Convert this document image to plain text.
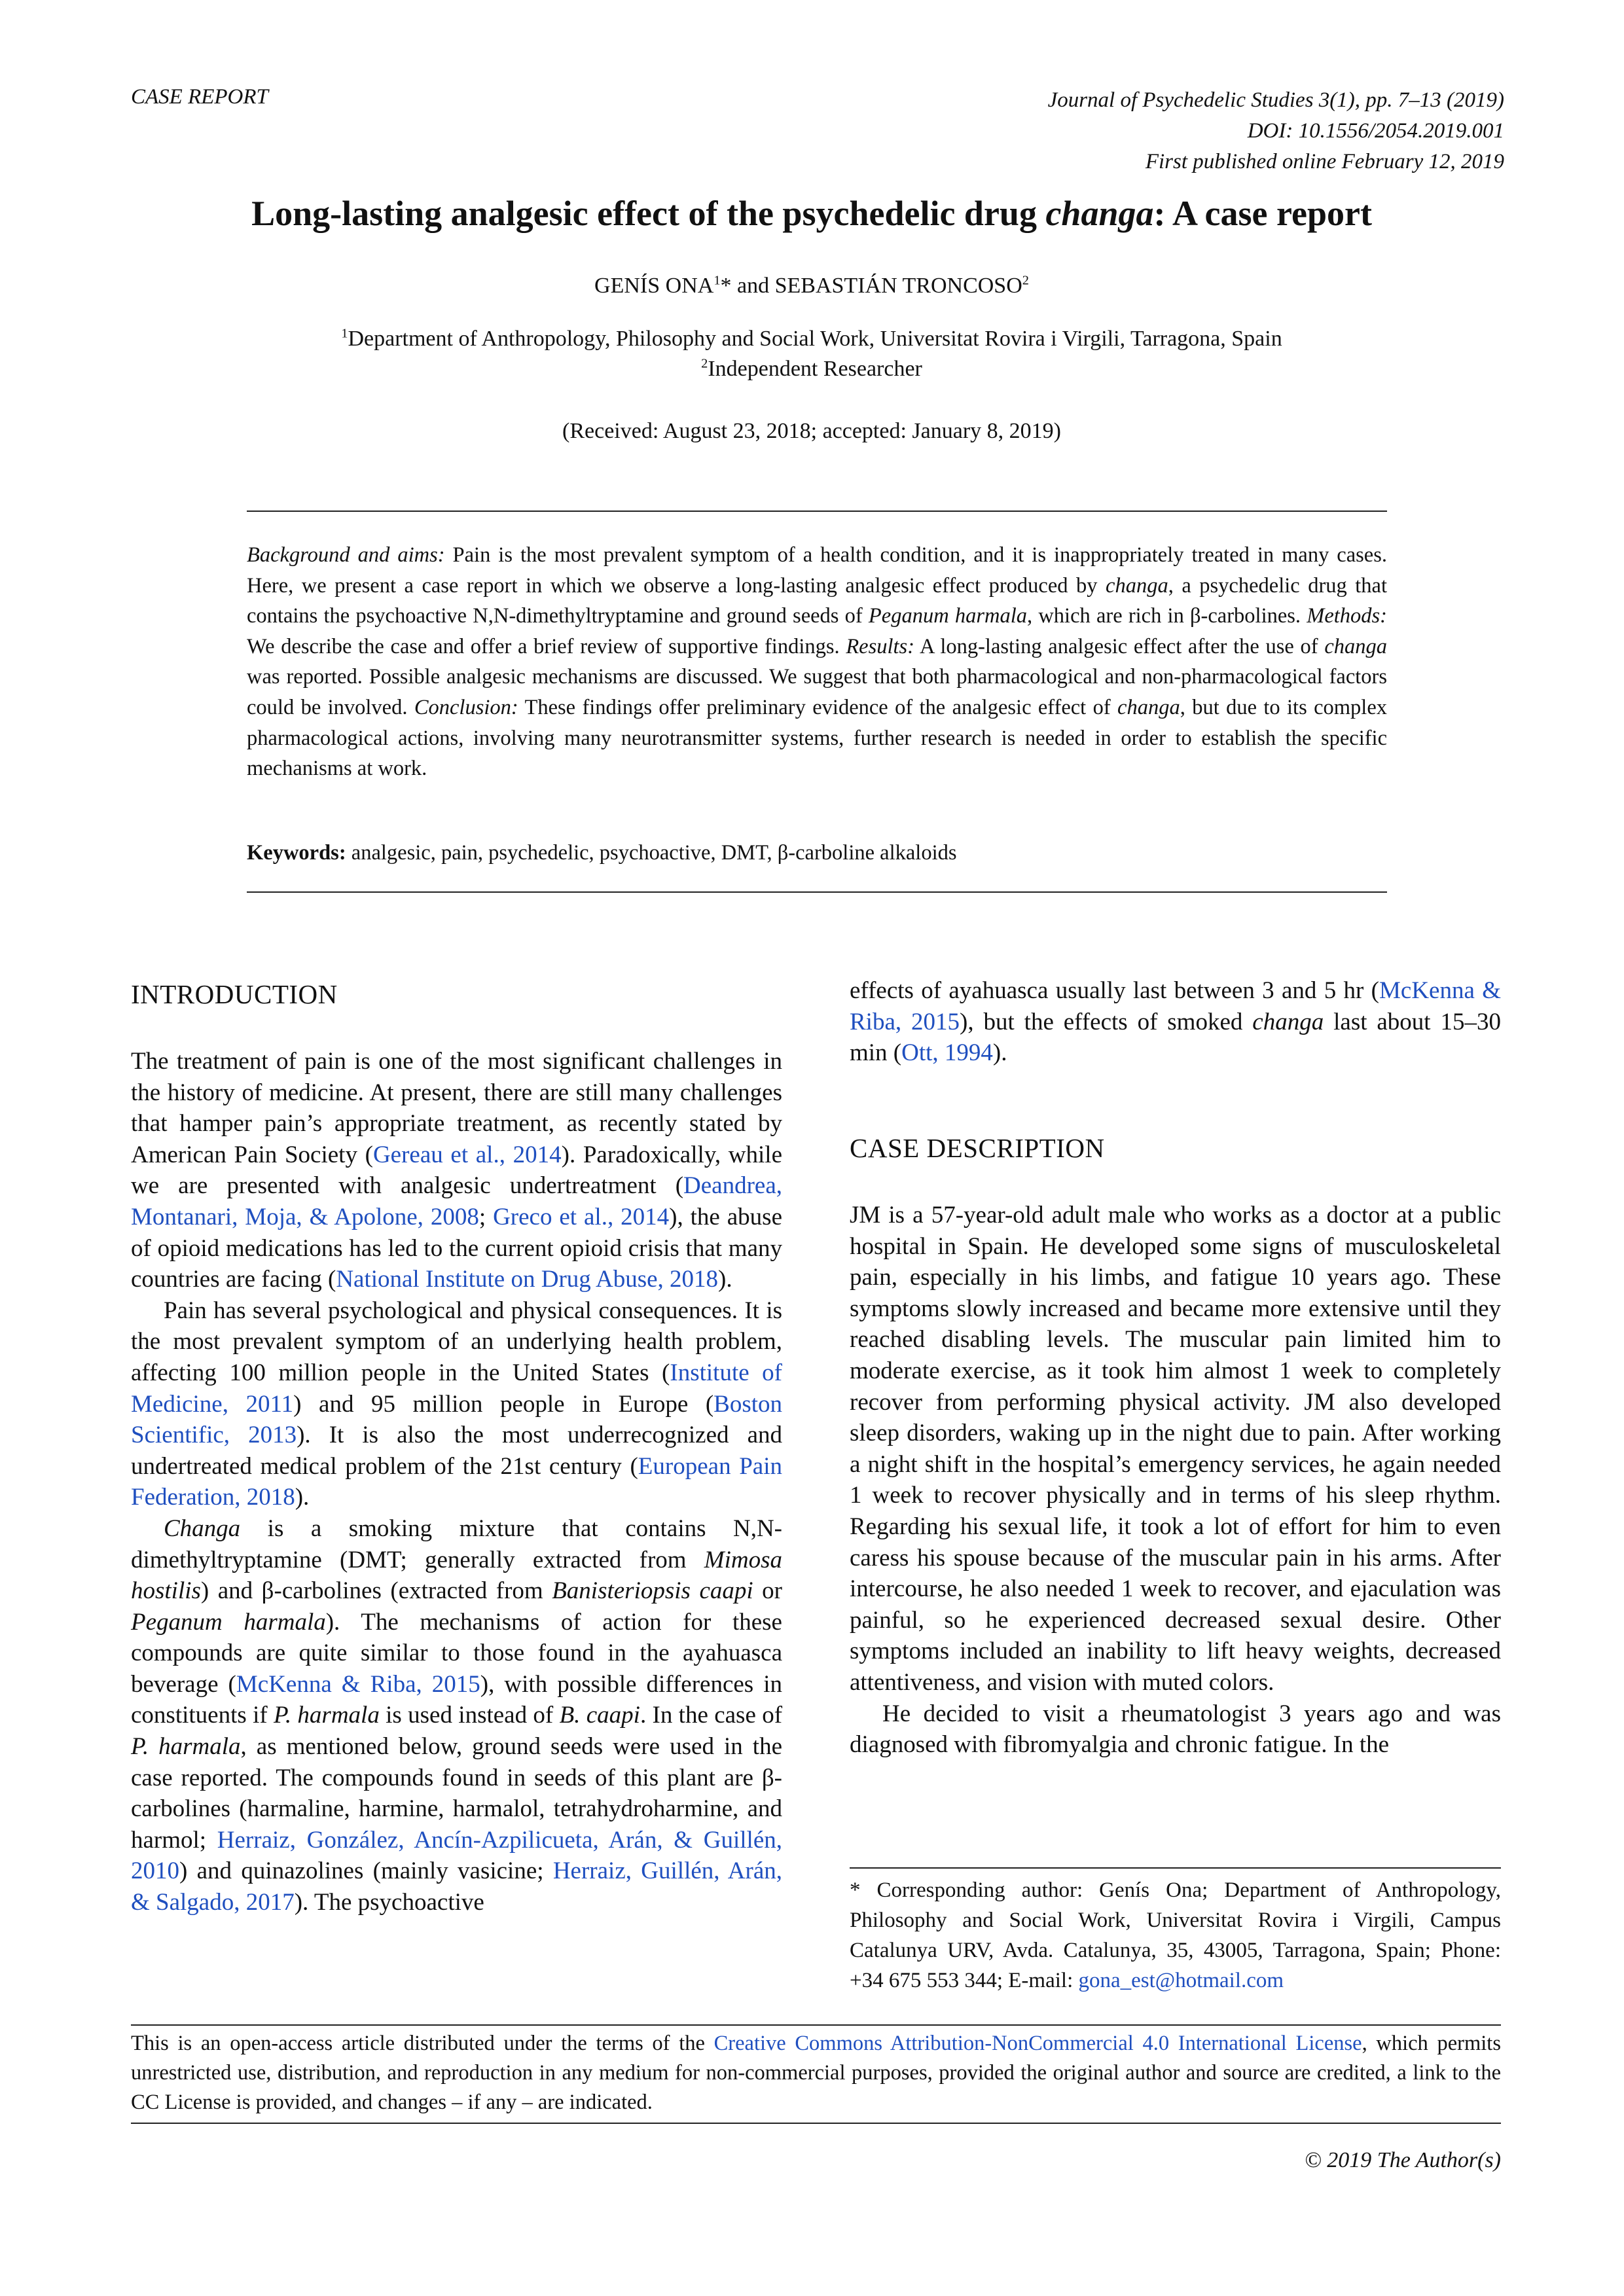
CASE REPORT	Journal of Psychedelic Studies 3(1), pp. 7–13 (2019)
DOI: 10.1556/2054.2019.001
First published online February 12, 2019
Long-lasting analgesic effect of the psychedelic drug changa: A case report
GENÍS ONA$^1$* and SEBASTIÁN TRONCOSO$^2$
$^1$Department of Anthropology, Philosophy and Social Work, Universitat Rovira i Virgili, Tarragona, Spain
$^2$Independent Researcher
(Received: August 23, 2018; accepted: January 8, 2019)
Background and aims: Pain is the most prevalent symptom of a health condition, and it is inappropriately treated in many cases. Here, we present a case report in which we observe a long-lasting analgesic effect produced by changa, a psychedelic drug that contains the psychoactive N,N-dimethyltryptamine and ground seeds of Peganum harmala, which are rich in β-carbolines. Methods: We describe the case and offer a brief review of supportive findings. Results: A long-lasting analgesic effect after the use of changa was reported. Possible analgesic mechanisms are discussed. We suggest that both pharmacological and non-pharmacological factors could be involved. Conclusion: These findings offer preliminary evidence of the analgesic effect of changa, but due to its complex pharmacological actions, involving many neurotransmitter systems, further research is needed in order to establish the specific mechanisms at work.
Keywords: analgesic, pain, psychedelic, psychoactive, DMT, β-carboline alkaloids
INTRODUCTION

The treatment of pain is one of the most significant challenges in the history of medicine. At present, there are still many challenges that hamper pain’s appropriate treatment, as recently stated by American Pain Society (Gereau et al., 2014). Paradoxically, while we are presented with analgesic undertreatment (Deandrea, Montanari, Moja, & Apolone, 2008; Greco et al., 2014), the abuse of opioid medications has led to the current opioid crisis that many countries are facing (National Institute on Drug Abuse, 2018).

Pain has several psychological and physical consequences. It is the most prevalent symptom of an underlying health problem, affecting 100 million people in the United States (Institute of Medicine, 2011) and 95 million people in Europe (Boston Scientific, 2013). It is also the most underrecognized and undertreated medical problem of the 21st century (European Pain Federation, 2018).

Changa is a smoking mixture that contains N,N-dimethyltryptamine (DMT; generally extracted from Mimosa hostilis) and β-carbolines (extracted from Banisteriopsis caapi or Peganum harmala). The mechanisms of action for these compounds are quite similar to those found in the ayahuasca beverage (McKenna & Riba, 2015), with possible differences in constituents if P. harmala is used instead of B. caapi. In the case of P. harmala, as mentioned below, ground seeds were used in the case reported. The compounds found in seeds of this plant are β-carbolines (harmaline, harmine, harmalol, tetrahydroharmine, and harmol; Herraiz, González, Ancín-Azpilicueta, Arán, & Guillén, 2010) and quinazolines (mainly vasicine; Herraiz, Guillén, Arán, & Salgado, 2017). The psychoactive

effects of ayahuasca usually last between 3 and 5 hr (McKenna & Riba, 2015), but the effects of smoked changa last about 15–30 min (Ott, 1994).

CASE DESCRIPTION

JM is a 57-year-old adult male who works as a doctor at a public hospital in Spain. He developed some signs of musculoskeletal pain, especially in his limbs, and fatigue 10 years ago. These symptoms slowly increased and became more extensive until they reached disabling levels. The muscular pain limited him to moderate exercise, as it took him almost 1 week to completely recover from performing physical activity. JM also developed sleep disorders, waking up in the night due to pain. After working a night shift in the hospital’s emergency services, he again needed 1 week to recover physically and in terms of his sleep rhythm. Regarding his sexual life, it took a lot of effort for him to even caress his spouse because of the muscular pain in his arms. After intercourse, he also needed 1 week to recover, and ejaculation was painful, so he experienced decreased sexual desire. Other symptoms included an inability to lift heavy weights, decreased attentiveness, and vision with muted colors.

He decided to visit a rheumatologist 3 years ago and was diagnosed with fibromyalgia and chronic fatigue. In the

* Corresponding author: Genís Ona; Department of Anthropology, Philosophy and Social Work, Universitat Rovira i Virgili, Campus Catalunya URV, Avda. Catalunya, 35, 43005, Tarragona, Spain; Phone: +34 675 553 344; E-mail: gona_est@hotmail.com
This is an open-access article distributed under the terms of the Creative Commons Attribution-NonCommercial 4.0 International License, which permits unrestricted use, distribution, and reproduction in any medium for non-commercial purposes, provided the original author and source are credited, a link to the CC License is provided, and changes – if any – are indicated.
© 2019 The Author(s)
